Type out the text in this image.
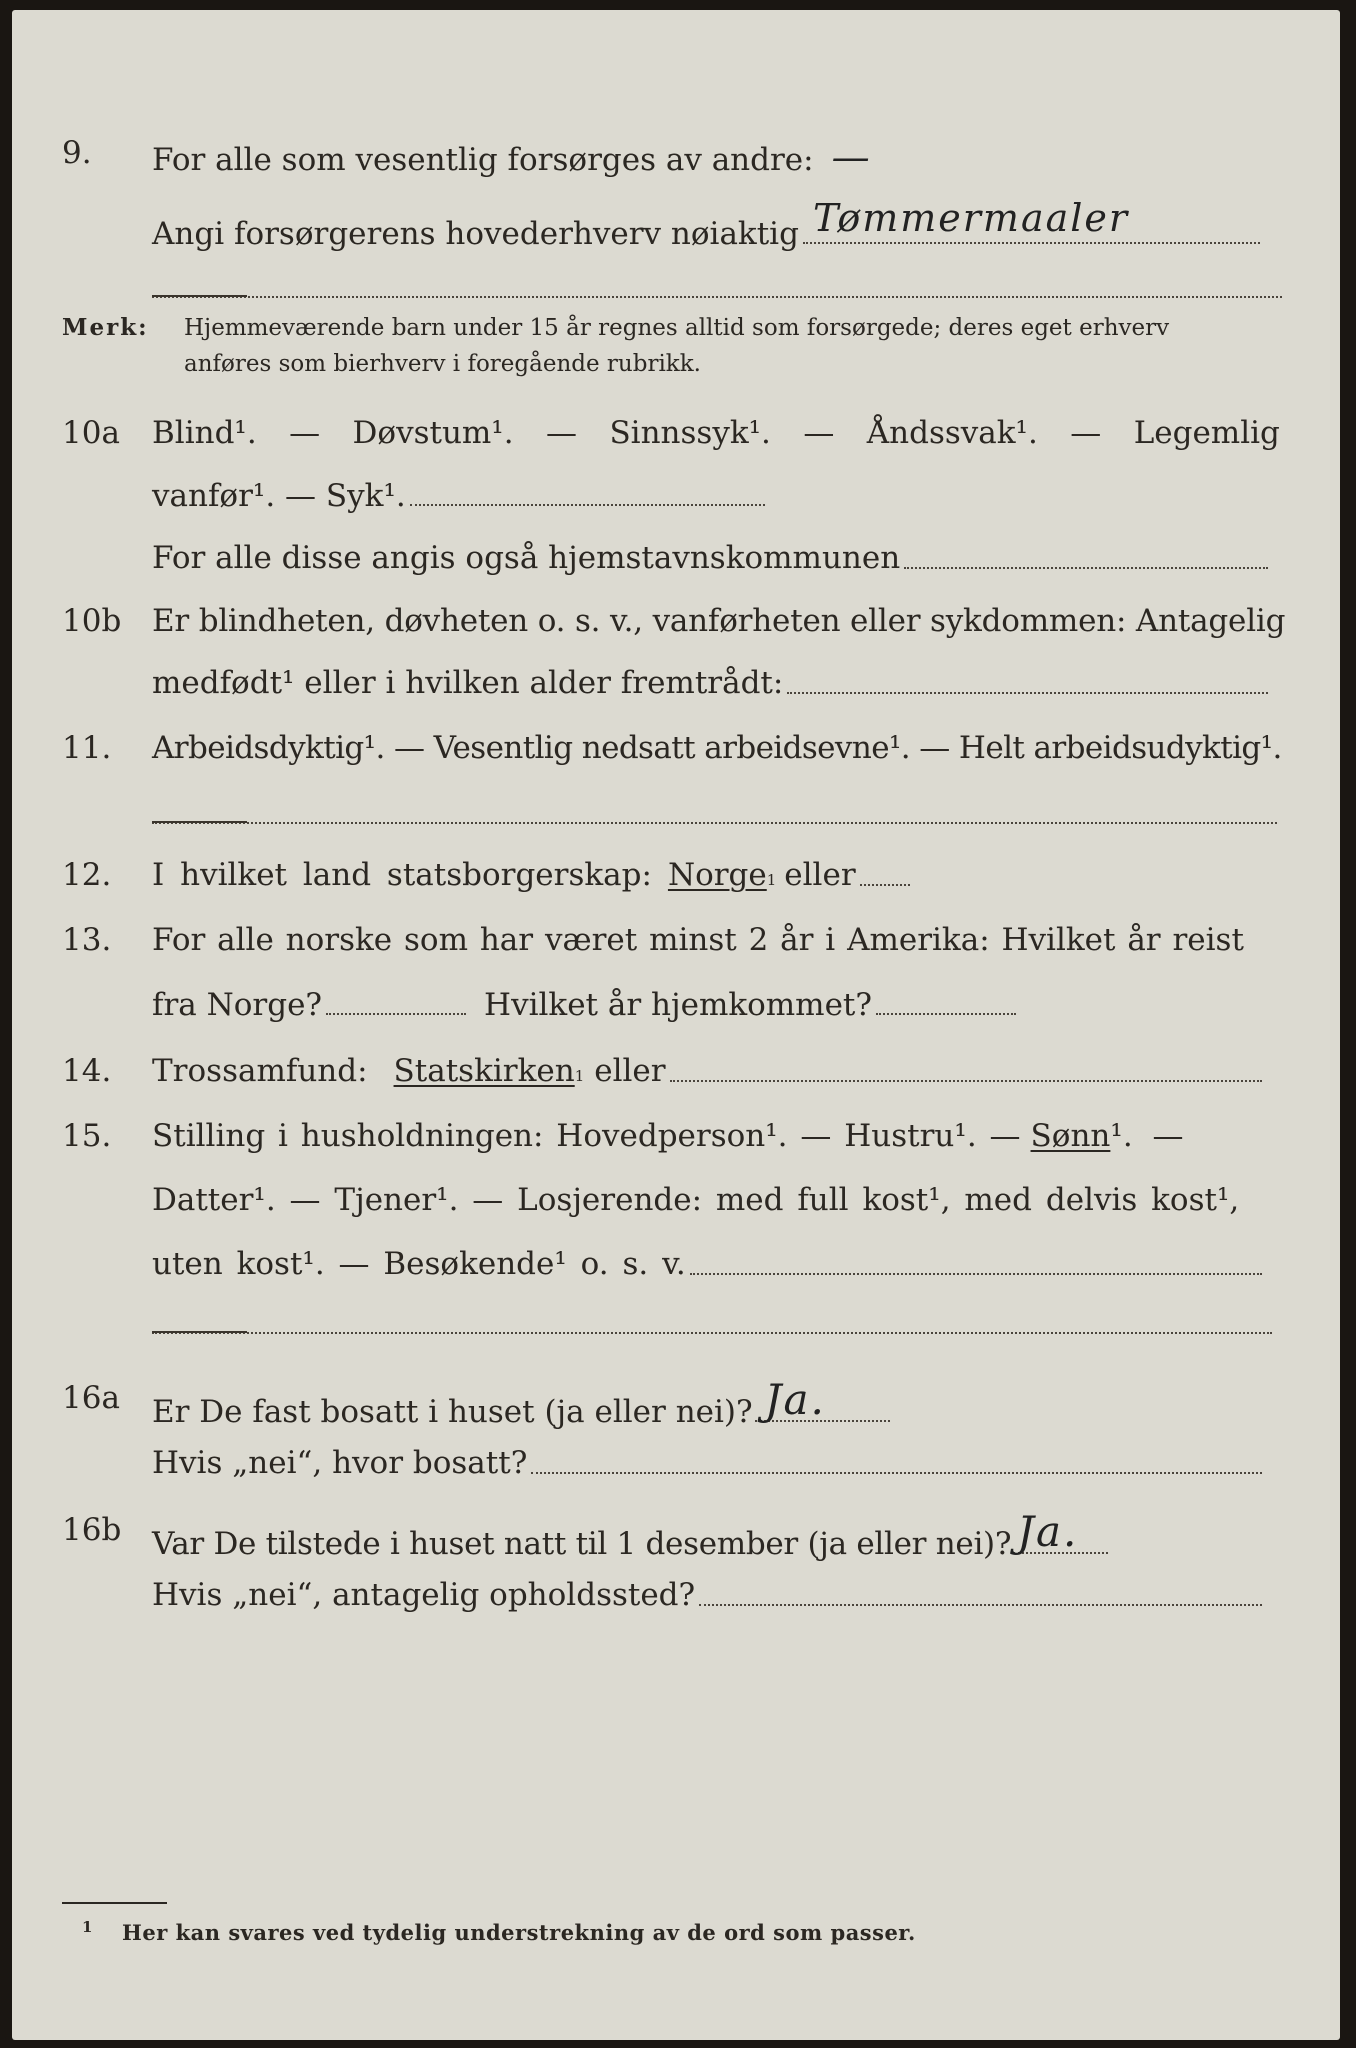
9.	For alle som vesentlig forsørges av andre: —
Angi forsørgerens hovederhverv nøiaktig Tømmermaaler
Merk: Hjemmeværende barn under 15 år regnes alltid som forsørgede; deres eget erhverv
anføres som bierhverv i foregående rubrikk.
10a	Blind¹. — Døvstum¹. — Sinnssyk¹. — Åndssvak¹. — Legemlig
vanfør¹. — Syk¹.
For alle disse angis også hjemstavnskommunen
10b Er blindheten, døvheten o. s. v., vanførheten eller sykdommen: Antagelig
medfødt¹ eller i hvilken alder fremtrådt:
11.	Arbeidsdyktig¹. — Vesentlig nedsatt arbeidsevne¹. — Helt arbeidsudyktig¹.
12.	I hvilket land statsborgerskap: Norge 1 eller
13.	For alle norske som har været minst 2 år i Amerika: Hvilket år reist
fra Norge?	Hvilket år hjemkommet?
14.	Trossamfund: Statskirken 1 eller
15.	Stilling i husholdningen: Hovedperson¹. — Hustru¹. — Sønn ¹. —
Datter¹. — Tjener¹. — Losjerende: med full kost¹, med delvis kost¹,
uten kost¹. — Besøkende¹ o. s. v.
16a	Er De fast bosatt i huset (ja eller nei)? Ja.
Hvis „nei“, hvor bosatt?
16b Var De tilstede i huset natt til 1 desember (ja eller nei)? Ja.
Hvis „nei“, antagelig opholdssted?
1 Her kan svares ved tydelig understrekning av de ord som passer.
